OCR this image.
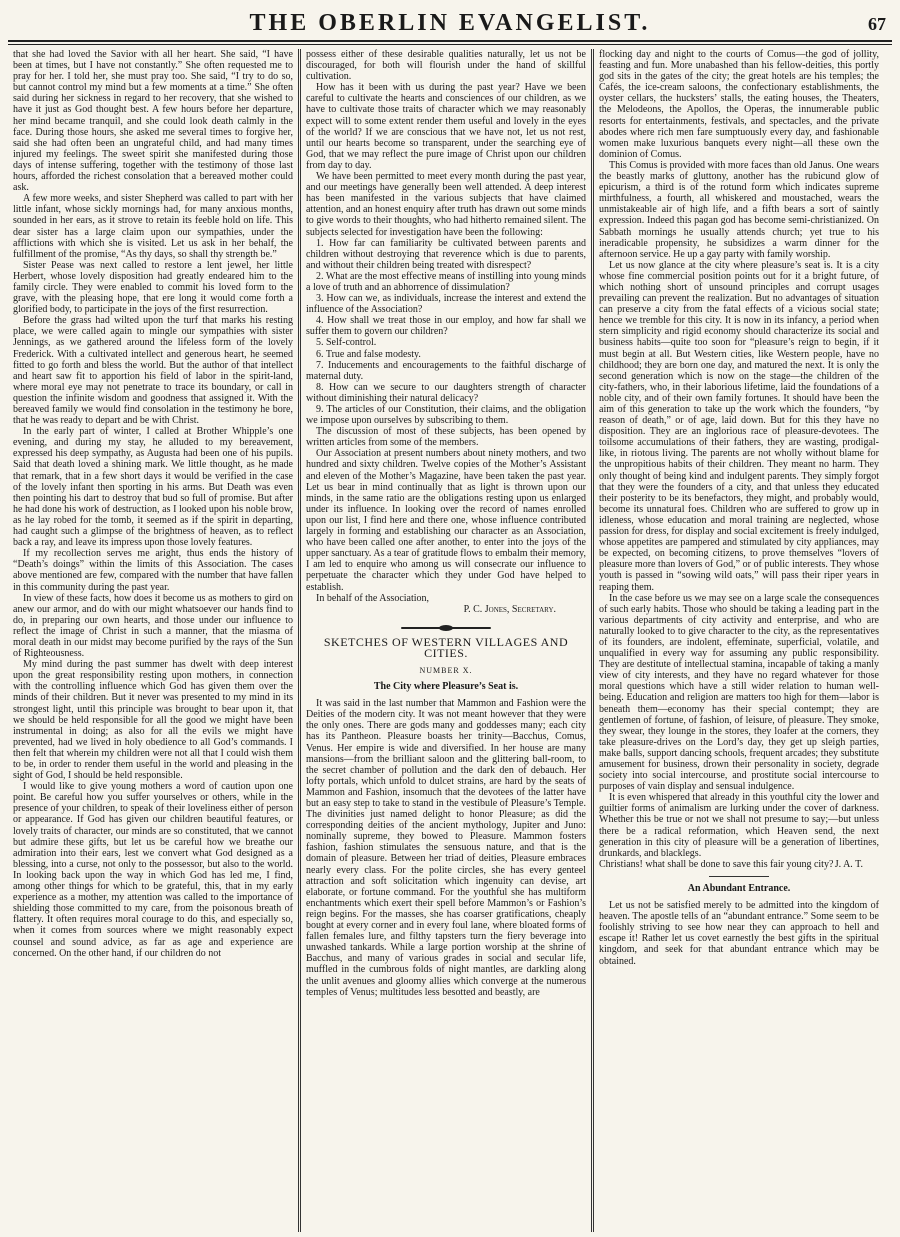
THE OBERLIN EVANGELIST.	67

that she had loved the Savior with all her heart. She said, “I have been at times, but I have not constantly.” She often requested me to pray for her. I told her, she must pray too. She said, “I try to do so, but cannot control my mind but a few moments at a time.” She often said during her sickness in regard to her recovery, that she wished to have it just as God thought best. A few hours before her departure, her mind became tranquil, and she could look death calmly in the face. During those hours, she asked me several times to forgive her, said she had often been an ungrateful child, and had many times injured my feelings. The sweet spirit she manifested during those days of intense suffering, together with the testimony of those last hours, afforded the richest consolation that a bereaved mother could ask.

A few more weeks, and sister Shepherd was called to part with her little infant, whose sickly mornings had, for many anxious months, sounded in her ears, as it strove to retain its feeble hold on life. This dear sister has a large claim upon our sympathies, under the afflictions with which she is visited. Let us ask in her behalf, the fulfillment of the promise, “As thy days, so shall thy strength be.”

Sister Pease was next called to restore a lent jewel, her little Herbert, whose lovely disposition had greatly endeared him to the family circle. They were enabled to commit his loved form to the grave, with the pleasing hope, that ere long it would come forth a glorified body, to participate in the joys of the first resurrection.

Before the grass had wilted upon the turf that marks his resting place, we were called again to mingle our sympathies with sister Jennings, as we gathered around the lifeless form of the lovely Frederick. With a cultivated intellect and generous heart, he seemed fitted to go forth and bless the world. But the author of that intellect and heart saw fit to apportion his field of labor in the spirit-land, where moral eye may not penetrate to trace its boundary, or call in question the infinite wisdom and goodness that assigned it. With the bereaved family we would find consolation in the testimony he bore, that he was ready to depart and be with Christ.

In the early part of winter, I called at Brother Whipple’s one evening, and during my stay, he alluded to my bereavement, expressed his deep sympathy, as Augusta had been one of his pupils. Said that death loved a shining mark. We little thought, as he made that remark, that in a few short days it would be verified in the case of the lovely infant then sporting in his arms. But Death was even then pointing his dart to destroy that bud so full of promise. But after he had done his work of destruction, as I looked upon his noble brow, as he lay robed for the tomb, it seemed as if the spirit in departing, had caught such a glimpse of the brightness of heaven, as to reflect back a ray, and leave its impress upon those lovely features.

If my recollection serves me aright, thus ends the history of “Death’s doings” within the limits of this Association. The cases above mentioned are few, compared with the number that have fallen in this community during the past year.

In view of these facts, how does it become us as mothers to gird on anew our armor, and do with our might whatsoever our hands find to do, in preparing our own hearts, and those under our influence to reflect the image of Christ in such a manner, that the miasma of moral death in our midst may become purified by the rays of the Sun of Righteousness.

My mind during the past summer has dwelt with deep interest upon the great responsibility resting upon mothers, in connection with the controlling influence which God has given them over the minds of their children. But it never was presented to my mind in its strongest light, until this principle was brought to bear upon it, that we should be held responsible for all the good we might have been instrumental in doing; as also for all the evils we might have prevented, had we lived in holy obedience to all God’s commands. I then felt that wherein my children were not all that I could wish them to be, in order to render them useful in the world and pleasing in the sight of God, I should be held responsible.

I would like to give young mothers a word of caution upon one point. Be careful how you suffer yourselves or others, while in the presence of your children, to speak of their loveliness either of person or appearance. If God has given our children beautiful features, or lovely traits of character, our minds are so constituted, that we cannot but admire these gifts, but let us be careful how we breathe our admiration into their ears, lest we convert what God designed as a blessing, into a curse, not only to the possessor, but also to the world. In looking back upon the way in which God has led me, I find, among other things for which to be grateful, this, that in my early experience as a mother, my attention was called to the importance of shielding those committed to my care, from the poisonous breath of flattery. It often requires moral courage to do this, and especially so, when it comes from sources where we might reasonably expect counsel and sound advice, as far as age and experience are concerned. On the other hand, if our children do not

possess either of these desirable qualities naturally, let us not be discouraged, for both will flourish under the hand of skillful cultivation.

How has it been with us during the past year? Have we been careful to cultivate the hearts and consciences of our children, as we have to cultivate those traits of character which we may reasonably expect will to some extent render them useful and lovely in the eyes of the world? If we are conscious that we have not, let us not rest, until our hearts become so transparent, under the searching eye of God, that we may reflect the pure image of Christ upon our children from day to day.

We have been permitted to meet every month during the past year, and our meetings have generally been well attended. A deep interest has been manifested in the various subjects that have claimed attention, and an honest enquiry after truth has drawn out some minds to give words to their thoughts, who had hitherto remained silent. The subjects selected for investigation have been the following:

1. How far can familiarity be cultivated between parents and children without destroying that reverence which is due to parents, and without their children being treated with disrespect?
2. What are the most effective means of instilling into young minds a love of truth and an abhorrence of dissimulation?
3. How can we, as individuals, increase the interest and extend the influence of the Association?
4. How shall we treat those in our employ, and how far shall we suffer them to govern our children?
5. Self-control.
6. True and false modesty.
7. Inducements and encouragements to the faithful discharge of maternal duty.
8. How can we secure to our daughters strength of character without diminishing their natural delicacy?
9. The articles of our Constitution, their claims, and the obligation we impose upon ourselves by subscribing to them.

The discussion of most of these subjects, has been opened by written articles from some of the members.

Our Association at present numbers about ninety mothers, and two hundred and sixty children. Twelve copies of the Mother’s Assistant and eleven of the Mother’s Magazine, have been taken the past year. Let us bear in mind continually that as light is thrown upon our minds, in the same ratio are the obligations resting upon us enlarged under its influence. In looking over the record of names enrolled upon our list, I find here and there one, whose influence contributed largely in forming and establishing our character as an Association, who have been called one after another, to enter into the joys of the upper sanctuary. As a tear of gratitude flows to embalm their memory, I am led to enquire who among us will consecrate our influence to perpetuate the character which they under God have helped to establish.

In behalf of the Association,

P. C. Jones, Secretary.

SKETCHES OF WESTERN VILLAGES AND CITIES.
NUMBER X.
The City where Pleasure’s Seat is.

It was said in the last number that Mammon and Fashion were the Deities of the modern city. It was not meant however that they were the only ones. There are gods many and goddesses many; each city has its Pantheon. Pleasure boasts her trinity—Bacchus, Comus, Venus. Her empire is wide and diversified. In her house are many mansions—from the brilliant saloon and the glittering ball-room, to the secret chamber of pollution and the dark den of debauch. Her lofty portals, which unfold to dulcet strains, are hard by the seats of Mammon and Fashion, insomuch that the devotees of the latter have but an easy step to take to stand in the vestibule of Pleasure’s Temple. The divinities just named delight to honor Pleasure; as did the corresponding deities of the ancient mythology, Jupiter and Juno: nominally supreme, they bowed to Pleasure. Mammon fosters fashion, fashion stimulates the sensuous nature, and that is the domain of pleasure. Between her triad of deities, Pleasure embraces nearly every class. For the polite circles, she has every genteel attraction and soft solicitation which ingenuity can devise, art elaborate, or fortune command. For the youthful she has multiform enchantments which exert their spell before Mammon’s or Fashion’s reign begins. For the masses, she has coarser gratifications, cheaply bought at every corner and in every foul lane, where bloated forms of fallen females lure, and filthy tapsters turn the fiery beverage into unwashed tankards. While a large portion worship at the shrine of Bacchus, and many of various grades in social and secular life, muffled in the cumbrous folds of night mantles, are darkling along the unlit avenues and gloomy allies which converge at the numerous temples of Venus; multitudes less besotted and beastly, are

flocking day and night to the courts of Comus—the god of jollity, feasting and fun. More unabashed than his fellow-deities, this portly god sits in the gates of the city; the great hotels are his temples; the Cafés, the ice-cream saloons, the confectionary establishments, the oyster cellars, the hucksters’ stalls, the eating houses, the Theaters, the Melodeons, the Apollos, the Operas, the innumerable public resorts for entertainments, festivals, and spectacles, and the private abodes where rich men fare sumptuously every day, and fashionable women make luxurious banquets every night—all these own the dominion of Comus.

This Comus is provided with more faces than old Janus. One wears the beastly marks of gluttony, another has the rubicund glow of epicurism, a third is of the rotund form which indicates supreme mirthfulness, a fourth, all whiskered and moustached, wears the unmistakeable air of high life, and a fifth bears a sort of saintly expression. Indeed this pagan god has become semi-christianized. On Sabbath mornings he usually attends church; yet true to his ineradicable propensity, he subsidizes a warm dinner for the afternoon service. He up a gay party with family worship.

Let us now glance at the city where pleasure’s seat is. It is a city whose fine commercial position points out for it a bright future, of which nothing short of unsound principles and corrupt usages prevailing can prevent the realization. But no advantages of situation can preserve a city from the fatal effects of a vicious social state; hence we tremble for this city. It is now in its infancy, a period when stern simplicity and rigid economy should characterize its social and business habits—quite too soon for “pleasure’s reign to begin, if it must begin at all. But Western cities, like Western people, have no childhood; they are born one day, and matured the next. It is only the second generation which is now on the stage—the children of the city-fathers, who, in their laborious lifetime, laid the foundations of a noble city, and of their own family fortunes. It should have been the aim of this generation to take up the work which the founders, “by reason of death,” or of age, laid down. But for this they have no disposition. They are an inglorious race of pleasure-devotees. The toilsome accumulations of their fathers, they are wasting, prodigal-like, in riotous living. The parents are not wholly without blame for the unpropitious habits of their children. They meant no harm. They only thought of being kind and indulgent parents. They simply forgot that they were the founders of a city, and that unless they educated their posterity to be its benefactors, they might, and probably would, become its unnatural foes. Children who are suffered to grow up in idleness, whose education and moral training are neglected, whose passion for dress, for display and social excitement is freely indulged, whose appetites are pampered and stimulated by city appliances, may be expected, on becoming citizens, to prove themselves “lovers of pleasure more than lovers of God,” or of public interests. They whose youth is passed in “sowing wild oats,” will pass their riper years in reaping them.

In the case before us we may see on a large scale the consequences of such early habits. Those who should be taking a leading part in the various departments of city activity and enterprise, and who are naturally looked to to give character to the city, as the representatives of its founders, are indolent, effeminate, superficial, volatile, and unqualified in every way for assuming any public responsibility. They are destitute of intellectual stamina, incapable of taking a manly view of city interests, and they have no regard whatever for those moral questions which have a still wider relation to human well-being. Education and religion are matters too high for them—labor is beneath them—economy has their special contempt; they are gentlemen of fortune, of fashion, of leisure, of pleasure. They smoke, they swear, they lounge in the stores, they loafer at the corners, they take pleasure-drives on the Lord’s day, they get up sleigh parties, make balls, support dancing schools, frequent arcades; they substitute amusement for business, drown their personality in society, degrade society into social intercourse, and prostitute social intercourse to purposes of vain display and sensual indulgence.

It is even whispered that already in this youthful city the lower and guiltier forms of animalism are lurking under the cover of darkness. Whether this be true or not we shall not presume to say;—but unless there be a radical reformation, which Heaven send, the next generation in this city of pleasure will be a generation of libertines, drunkards, and blacklegs.

Christians! what shall be done to save this fair young city? J. A. T.
An Abundant Entrance.

Let us not be satisfied merely to be admitted into the kingdom of heaven. The apostle tells of an “abundant entrance.” Some seem to be foolishly striving to see how near they can approach to hell and escape it! Rather let us covet earnestly the best gifts in the spiritual kingdom, and seek for that abundant entrance which may be obtained.
